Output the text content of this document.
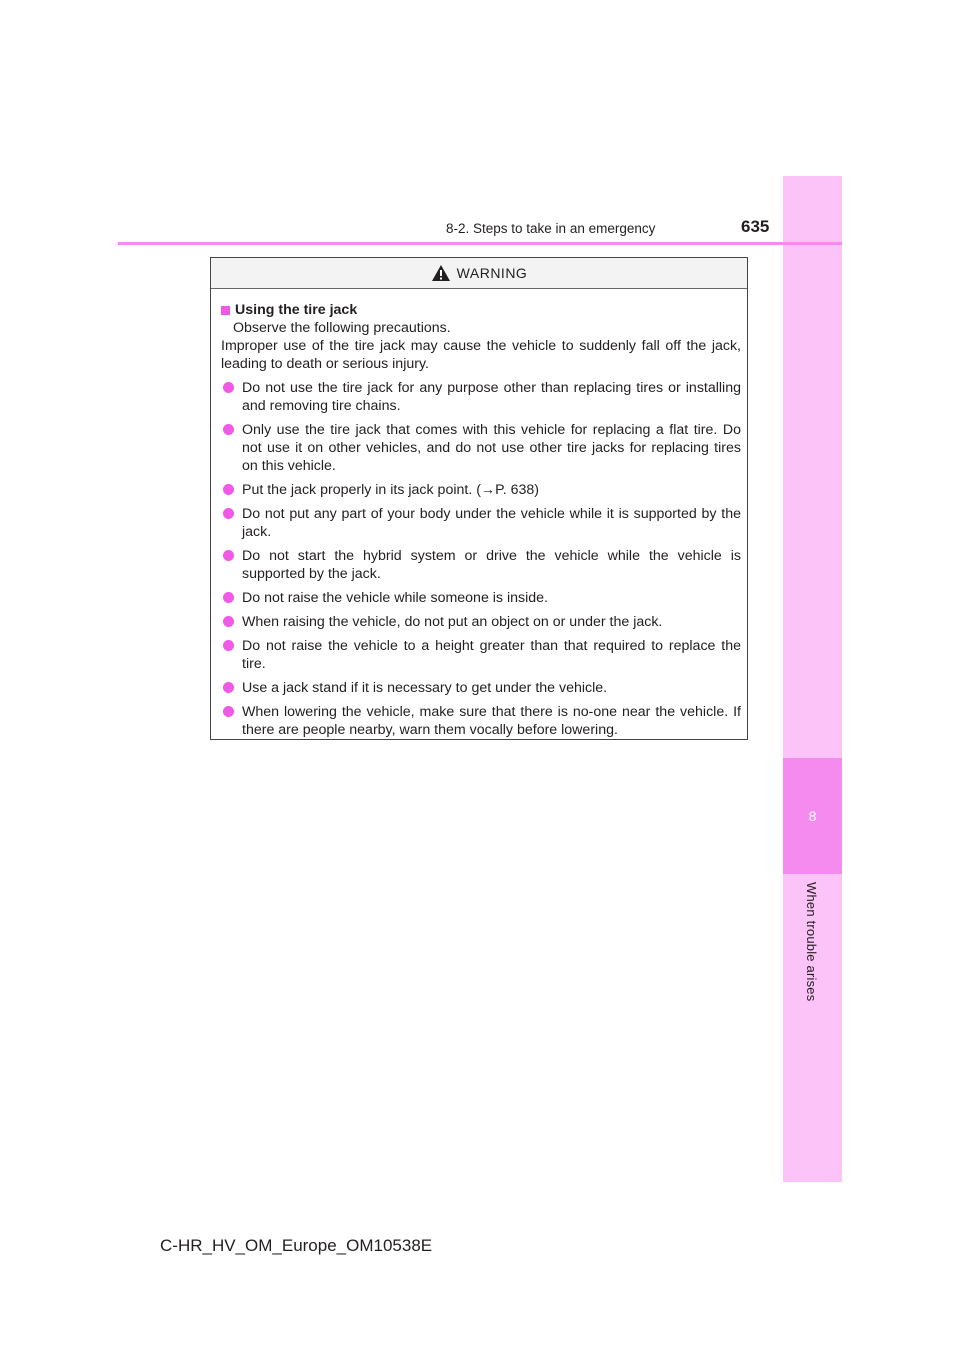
8
When trouble arises
8-2. Steps to take in an emergency	635
WARNING
Using the tire jack
Observe the following precautions.
Improper use of the tire jack may cause the vehicle to suddenly fall off the jack, leading to death or serious injury.
Do not use the tire jack for any purpose other than replacing tires or installing and removing tire chains.
Only use the tire jack that comes with this vehicle for replacing a flat tire. Do not use it on other vehicles, and do not use other tire jacks for replacing tires on this vehicle.
Put the jack properly in its jack point. (→P. 638)
Do not put any part of your body under the vehicle while it is supported by the jack.
Do not start the hybrid system or drive the vehicle while the vehicle is supported by the jack.
Do not raise the vehicle while someone is inside.
When raising the vehicle, do not put an object on or under the jack.
Do not raise the vehicle to a height greater than that required to replace the tire.
Use a jack stand if it is necessary to get under the vehicle.
When lowering the vehicle, make sure that there is no-one near the vehicle. If there are people nearby, warn them vocally before lowering.
C-HR_HV_OM_Europe_OM10538E
